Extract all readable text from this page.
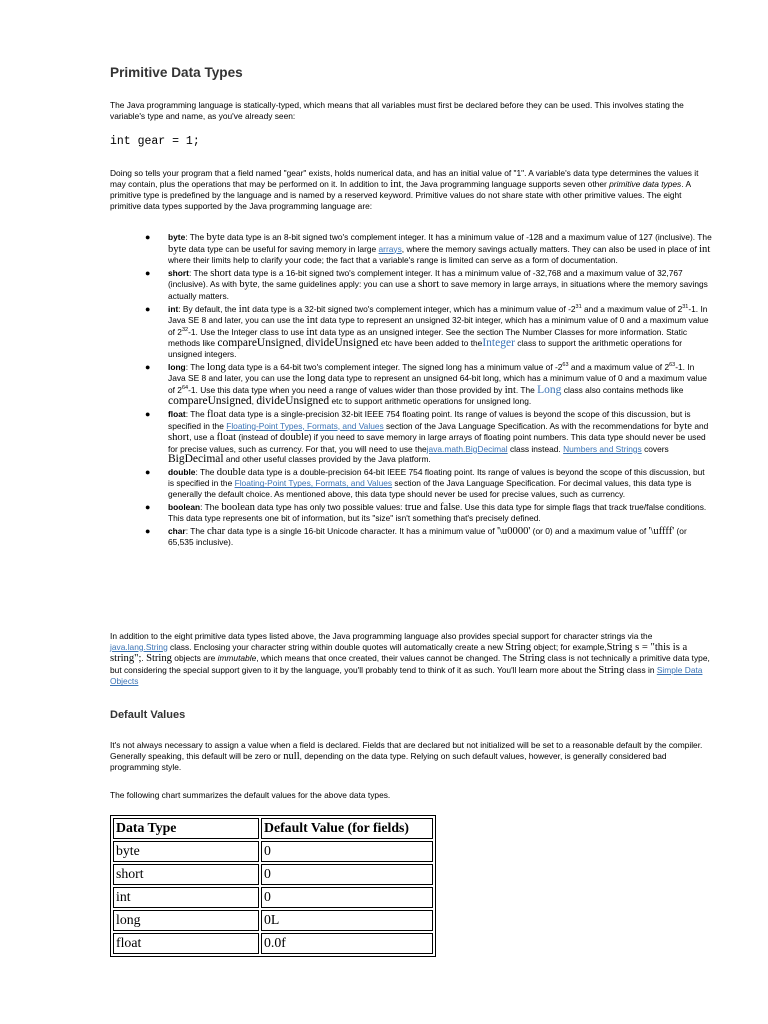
Primitive Data Types

The Java programming language is statically-typed, which means that all variables must first be declared before they can be used. This involves stating the variable's type and name, as you've already seen:

int gear = 1;

Doing so tells your program that a field named "gear" exists, holds numerical data, and has an initial value of "1". A variable's data type determines the values it may contain, plus the operations that may be performed on it. In addition to int, the Java programming language supports seven other primitive data types. A primitive type is predefined by the language and is named by a reserved keyword. Primitive values do not share state with other primitive values. The eight primitive data types supported by the Java programming language are:

● byte: The byte data type is an 8-bit signed two's complement integer. It has a minimum value of -128 and a maximum value of 127 (inclusive). The byte data type can be useful for saving memory in large arrays, where the memory savings actually matters. They can also be used in place of int where their limits help to clarify your code; the fact that a variable's range is limited can serve as a form of documentation.
● short: The short data type is a 16-bit signed two's complement integer. It has a minimum value of -32,768 and a maximum value of 32,767 (inclusive). As with byte, the same guidelines apply: you can use a short to save memory in large arrays, in situations where the memory savings actually matters.
● int: By default, the int data type is a 32-bit signed two's complement integer, which has a minimum value of $-2^{31}$ and a maximum value of $2^{31}-1$. In Java SE 8 and later, you can use the int data type to represent an unsigned 32-bit integer, which has a minimum value of 0 and a maximum value of $2^{32}-1$. Use the Integer class to use int data type as an unsigned integer. See the section The Number Classes for more information. Static methods like compareUnsigned, divideUnsigned etc have been added to theInteger class to support the arithmetic operations for unsigned integers.
● long: The long data type is a 64-bit two's complement integer. The signed long has a minimum value of $-2^{63}$ and a maximum value of $2^{63}-1$. In Java SE 8 and later, you can use the long data type to represent an unsigned 64-bit long, which has a minimum value of 0 and a maximum value of $2^{64}-1$. Use this data type when you need a range of values wider than those provided by int. The Long class also contains methods like compareUnsigned, divideUnsigned etc to support arithmetic operations for unsigned long.
● float: The float data type is a single-precision 32-bit IEEE 754 floating point. Its range of values is beyond the scope of this discussion, but is specified in the Floating-Point Types, Formats, and Values section of the Java Language Specification. As with the recommendations for byte and short, use a float (instead of double) if you need to save memory in large arrays of floating point numbers. This data type should never be used for precise values, such as currency. For that, you will need to use thejava.math.BigDecimal class instead. Numbers and Strings covers BigDecimal and other useful classes provided by the Java platform.
● double: The double data type is a double-precision 64-bit IEEE 754 floating point. Its range of values is beyond the scope of this discussion, but is specified in the Floating-Point Types, Formats, and Values section of the Java Language Specification. For decimal values, this data type is generally the default choice. As mentioned above, this data type should never be used for precise values, such as currency.
● boolean: The boolean data type has only two possible values: true and false. Use this data type for simple flags that track true/false conditions. This data type represents one bit of information, but its "size" isn't something that's precisely defined.
● char: The char data type is a single 16-bit Unicode character. It has a minimum value of '\u0000' (or 0) and a maximum value of '\uffff' (or 65,535 inclusive).

In addition to the eight primitive data types listed above, the Java programming language also provides special support for character strings via the java.lang.String class. Enclosing your character string within double quotes will automatically create a new String object; for example,String s = "this is a string";. String objects are immutable, which means that once created, their values cannot be changed. The String class is not technically a primitive data type, but considering the special support given to it by the language, you'll probably tend to think of it as such. You'll learn more about the String class in Simple Data Objects

Default Values

It's not always necessary to assign a value when a field is declared. Fields that are declared but not initialized will be set to a reasonable default by the compiler. Generally speaking, this default will be zero or null, depending on the data type. Relying on such default values, however, is generally considered bad programming style.

The following chart summarizes the default values for the above data types.

Data Type	Default Value (for fields)
byte	0
short	0
int	0
long	0L
float	0.0f
